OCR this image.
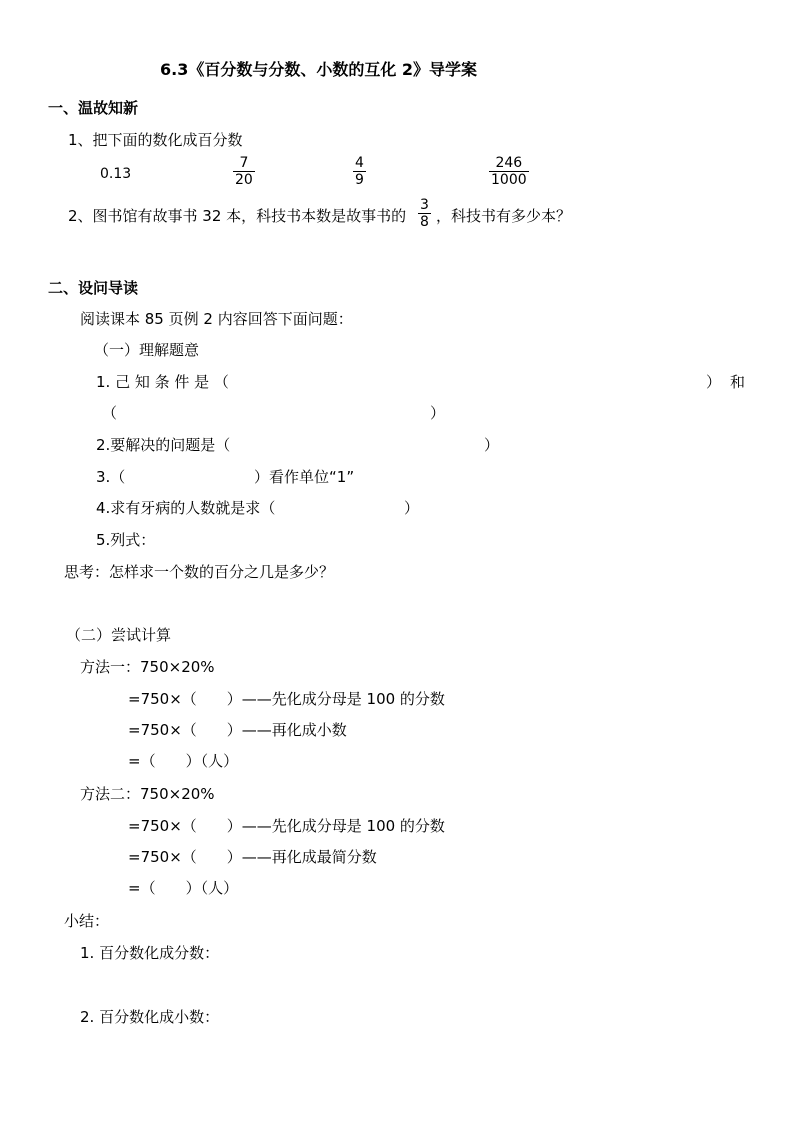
6.3《百分数与分数、小数的互化 2》导学案
一、温故知新
1、把下面的数化成百分数
0.13	$\frac{7}{20}$	$\frac{4}{9}$	$\frac{246}{1000}$
2、图书馆有故事书 32 本，科技书本数是故事书的 $\frac{3}{8}$ ，科技书有多少本？
二、设问导读
阅读课本 85 页例 2 内容回答下面问题：
（一）理解题意
1. 己 知 条 件 是 （	） 和
（	）
2.要解决的问题是（	）
3.（	）看作单位“1”
4.求有牙病的人数就是求（	）
5.列式：
思考：怎样求一个数的百分之几是多少？
（二）尝试计算
方法一：750×20%
=750×（　　）——先化成分母是 100 的分数
=750×（　　）——再化成小数
=（　　）（人）
方法二：750×20%
=750×（　　）——先化成分母是 100 的分数
=750×（　　）——再化成最简分数
=（　　）（人）
小结：
1. 百分数化成分数：
2. 百分数化成小数：
